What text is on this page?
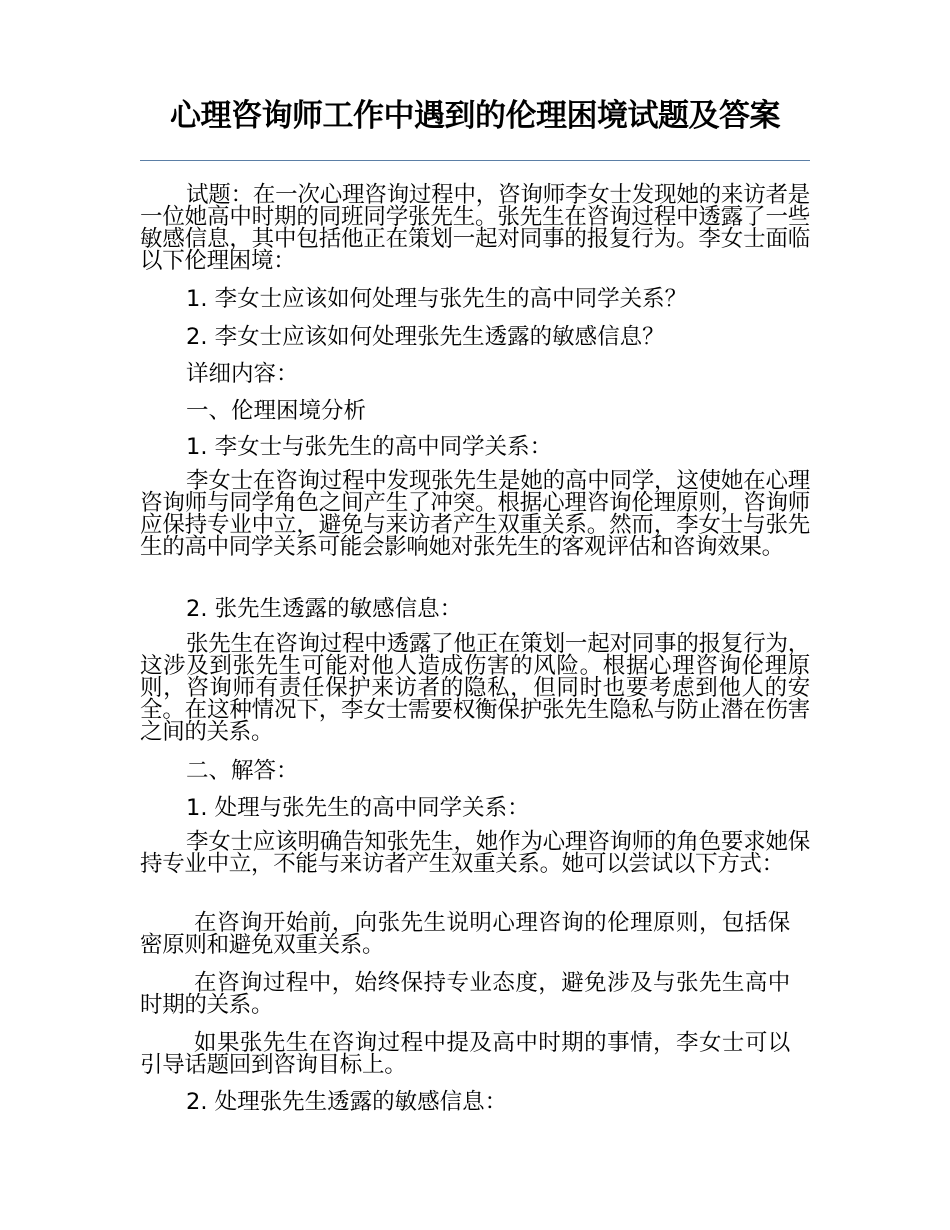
心理咨询师工作中遇到的伦理困境试题及答案

试题：在一次心理咨询过程中，咨询师李女士发现她的来访者是一位她高中时期的同班同学张先生。张先生在咨询过程中透露了一些敏感信息，其中包括他正在策划一起对同事的报复行为。李女士面临以下伦理困境：

1. 李女士应该如何处理与张先生的高中同学关系？

2. 李女士应该如何处理张先生透露的敏感信息？

详细内容：

一、伦理困境分析

1. 李女士与张先生的高中同学关系：

李女士在咨询过程中发现张先生是她的高中同学，这使她在心理咨询师与同学角色之间产生了冲突。根据心理咨询伦理原则，咨询师应保持专业中立，避免与来访者产生双重关系。然而，李女士与张先生的高中同学关系可能会影响她对张先生的客观评估和咨询效果。

2. 张先生透露的敏感信息：

张先生在咨询过程中透露了他正在策划一起对同事的报复行为，这涉及到张先生可能对他人造成伤害的风险。根据心理咨询伦理原则，咨询师有责任保护来访者的隐私，但同时也要考虑到他人的安全。在这种情况下，李女士需要权衡保护张先生隐私与防止潜在伤害之间的关系。

二、解答：

1. 处理与张先生的高中同学关系：

李女士应该明确告知张先生，她作为心理咨询师的角色要求她保持专业中立，不能与来访者产生双重关系。她可以尝试以下方式：

在咨询开始前，向张先生说明心理咨询的伦理原则，包括保密原则和避免双重关系。

在咨询过程中，始终保持专业态度，避免涉及与张先生高中时期的关系。

如果张先生在咨询过程中提及高中时期的事情，李女士可以引导话题回到咨询目标上。

2. 处理张先生透露的敏感信息：
